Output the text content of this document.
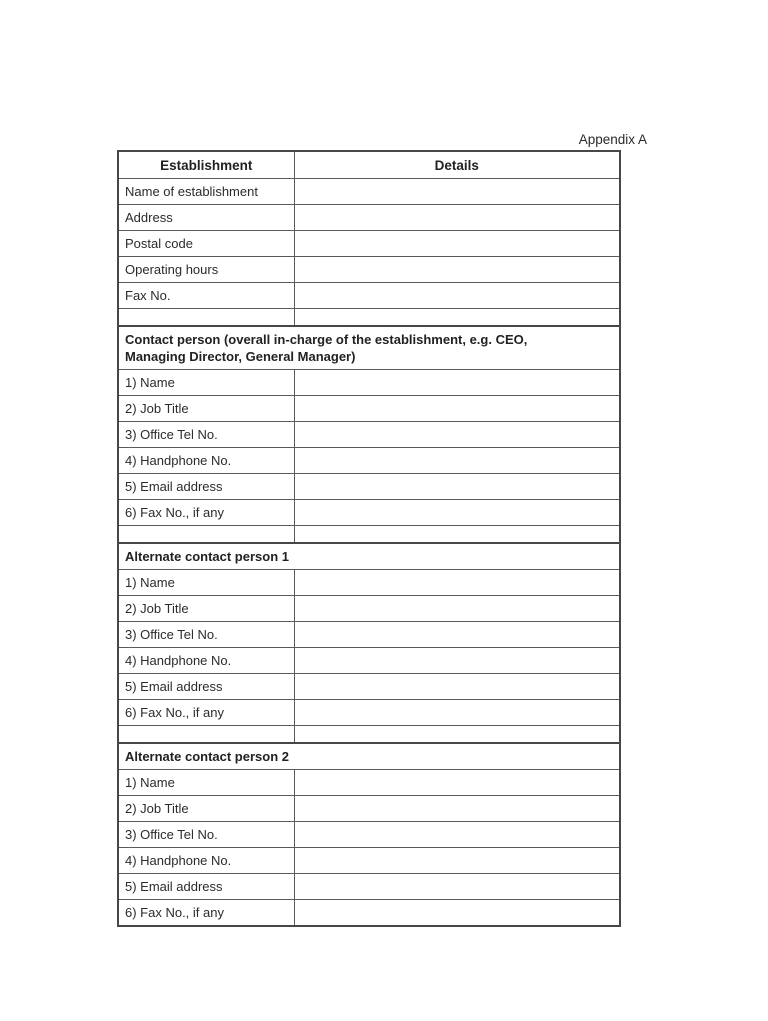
Appendix A
Establishment	Details
Name of establishment	
Address	
Postal code	
Operating hours	
Fax No.	

Contact person (overall in-charge of the establishment, e.g. CEO, Managing Director, General Manager)	
1) Name	
2) Job Title	
3) Office Tel No.	
4) Handphone No.	
5) Email address	
6) Fax No., if any	

Alternate contact person 1	
1) Name	
2) Job Title	
3) Office Tel No.	
4) Handphone No.	
5) Email address	
6) Fax No., if any	

Alternate contact person 2	
1) Name	
2) Job Title	
3) Office Tel No.	
4) Handphone No.	
5) Email address	
6) Fax No., if any	
